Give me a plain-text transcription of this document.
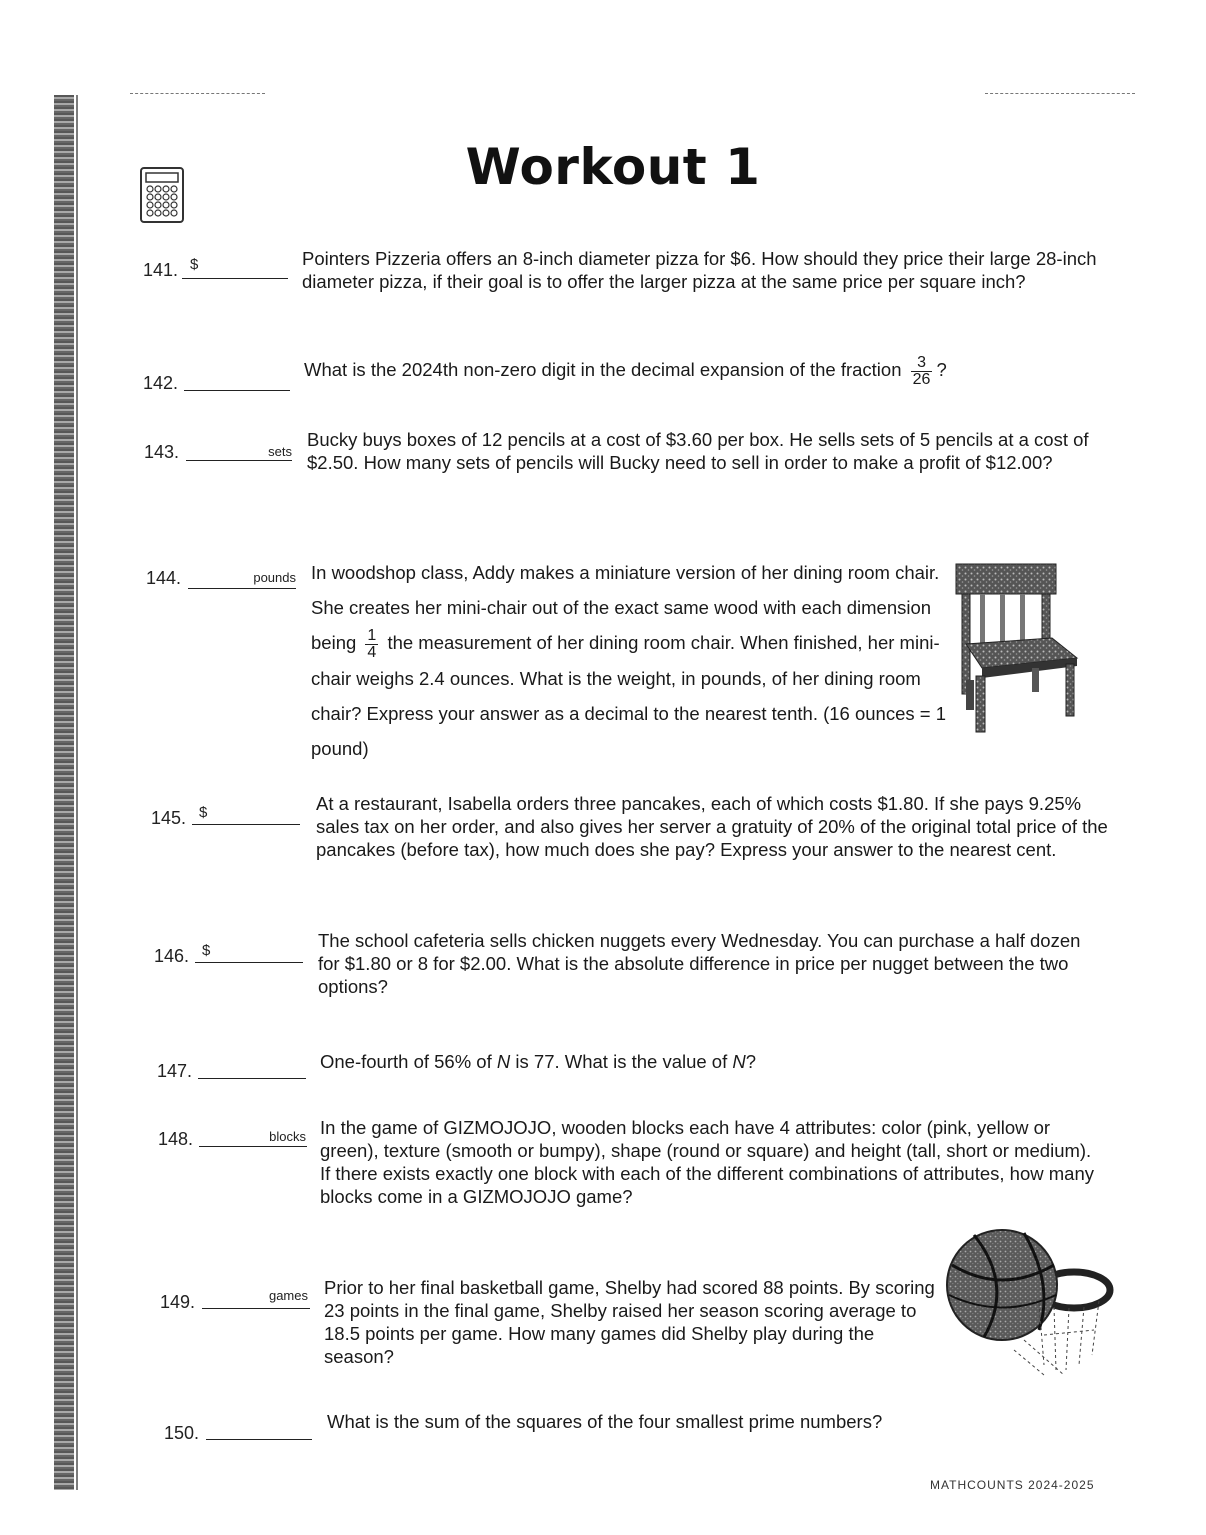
Workout 1
141. $	Pointers Pizzeria offers an 8-inch diameter pizza for $6. How should they price their large 28-inch diameter pizza, if their goal is to offer the larger pizza at the same price per square inch?
142.
What is the 2024th non-zero digit in the decimal expansion of the fraction $\frac{3}{26}$ ?
143.	sets
Bucky buys boxes of 12 pencils at a cost of $3.60 per box. He sells sets of 5 pencils at a cost of $2.50. How many sets of pencils will Bucky need to sell in order to make a profit of $12.00?
144.	pounds In woodshop class, Addy makes a miniature version of her dining room chair. She creates her mini-chair out of the exact same wood with each dimension being $\frac{1}{4}$ the measurement of her dining room chair. When finished, her mini-chair weighs 2.4 ounces. What is the weight, in pounds, of her dining room chair? Express your answer as a decimal to the nearest tenth. (16 ounces = 1 pound)
145. $	At a restaurant, Isabella orders three pancakes, each of which costs $1.80. If she pays 9.25% sales tax on her order, and also gives her server a gratuity of 20% of the original total price of the pancakes (before tax), how much does she pay? Express your answer to the nearest cent.
146. $	The school cafeteria sells chicken nuggets every Wednesday. You can purchase a half dozen for $1.80 or 8 for $2.00. What is the absolute difference in price per nugget between the two options?
147.	One-fourth of 56% of N is 77. What is the value of N?
148.	blocks In the game of GIZMOJOJO, wooden blocks each have 4 attributes: color (pink, yellow or green), texture (smooth or bumpy), shape (round or square) and height (tall, short or medium). If there exists exactly one block with each of the different combinations of attributes, how many blocks come in a GIZMOJOJO game?
149.	games Prior to her final basketball game, Shelby had scored 88 points. By scoring 23 points in the final game, Shelby raised her season scoring average to 18.5 points per game. How many games did Shelby play during the season?
150.
What is the sum of the squares of the four smallest prime numbers?
MATHCOUNTS 2024-2025
